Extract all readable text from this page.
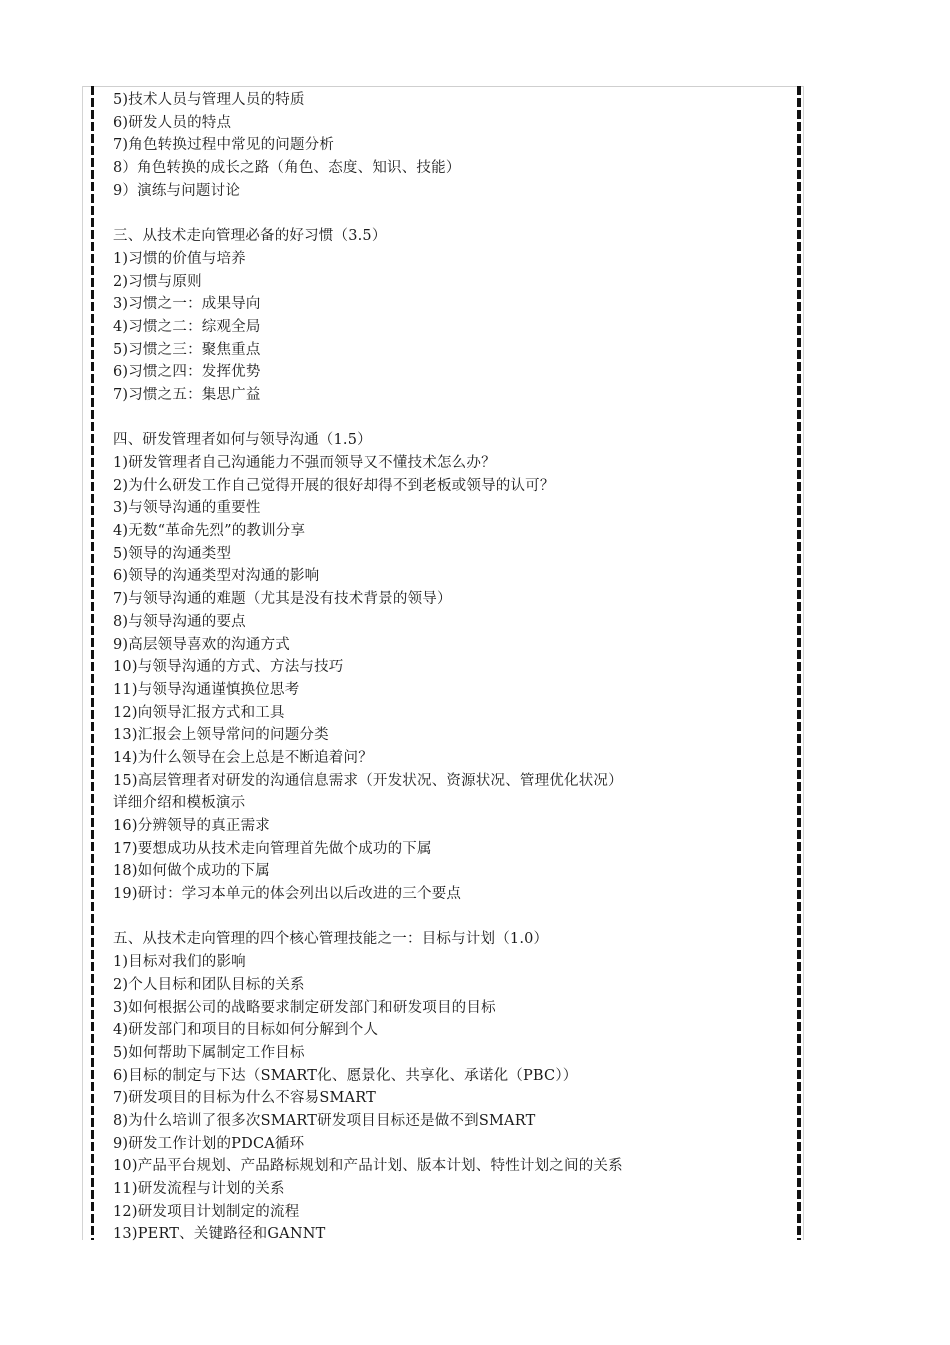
5)技术人员与管理人员的特质
6)研发人员的特点
7)角色转换过程中常见的问题分析
8）角色转换的成长之路（角色、态度、知识、技能）
9）演练与问题讨论
三、从技术走向管理必备的好习惯（3.5）
1)习惯的价值与培养
2)习惯与原则
3)习惯之一：成果导向
4)习惯之二：综观全局
5)习惯之三：聚焦重点
6)习惯之四：发挥优势
7)习惯之五：集思广益
四、研发管理者如何与领导沟通（1.5）
1)研发管理者自己沟通能力不强而领导又不懂技术怎么办？
2)为什么研发工作自己觉得开展的很好却得不到老板或领导的认可？
3)与领导沟通的重要性
4)无数“革命先烈”的教训分享
5)领导的沟通类型
6)领导的沟通类型对沟通的影响
7)与领导沟通的难题（尤其是没有技术背景的领导）
8)与领导沟通的要点
9)高层领导喜欢的沟通方式
10)与领导沟通的方式、方法与技巧
11)与领导沟通谨慎换位思考
12)向领导汇报方式和工具
13)汇报会上领导常问的问题分类
14)为什么领导在会上总是不断追着问？
15)高层管理者对研发的沟通信息需求（开发状况、资源状况、管理优化状况）
详细介绍和模板演示
16)分辨领导的真正需求
17)要想成功从技术走向管理首先做个成功的下属
18)如何做个成功的下属
19)研讨：学习本单元的体会列出以后改进的三个要点
五、从技术走向管理的四个核心管理技能之一：目标与计划（1.0）
1)目标对我们的影响
2)个人目标和团队目标的关系
3)如何根据公司的战略要求制定研发部门和研发项目的目标
4)研发部门和项目的目标如何分解到个人
5)如何帮助下属制定工作目标
6)目标的制定与下达（SMART化、愿景化、共享化、承诺化（PBC））
7)研发项目的目标为什么不容易SMART
8)为什么培训了很多次SMART研发项目目标还是做不到SMART
9)研发工作计划的PDCA循环
10)产品平台规划、产品路标规划和产品计划、版本计划、特性计划之间的关系
11)研发流程与计划的关系
12)研发项目计划制定的流程
13)PERT、关键路径和GANNT
